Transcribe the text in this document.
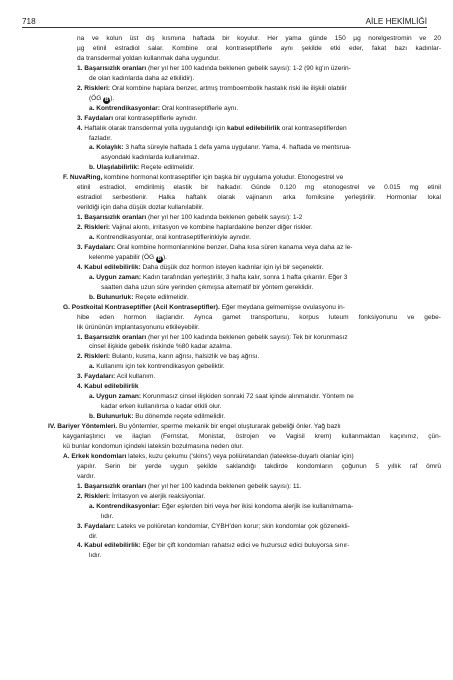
718	AİLE HEKİMLİĞİ
na ve kolun üst dış kısmına haftada bir koyulur. Her yama günde 150 µg norelgestromin ve 20
µg etinil estradiol salar. Kombine oral kontraseptiflerle aynı şekilde etki eder, fakat bazı kadınlar-
da transdermal yoldan kullanmak daha uygundur.
1. Başarısızlık oranları (her yıl her 100 kadında beklenen gebelik sayısı): 1-2 (90 kg'ın üzerin-
de olan kadınlarda daha az etkilidir).
2. Riskleri: Oral kombine haplara benzer, artmış tromboembolik hastalık riski ile ilişkili olabilir
(ÖG B ).
a. Kontrendikasyonlar: Oral kontraseptiflerle aynı.
3. Faydaları oral kontraseptiflerle aynıdır.
4. Haftalık olarak transdermal yolla uygulandığı için kabul edilebilirlik oral kontraseptiflerden
fazladır.
a. Kolaylık: 3 hafta süreyle haftada 1 defa yama uygulanır. Yama, 4. haftada ve mentsrua-
asyondaki kadınlarda kullanılmaz.
b. Ulaşılabilirlik: Reçete edilmelidir.
F. NuvaRing, kombine hormonal kontraseptifler için başka bir uygulama yoludur. Etonogestrel ve
etinil estradiol, emdirilmiş elastik bir halkadır. Günde 0.120 mg etonogestrel ve 0.015 mg etinil
estradiol serbestlenir. Halka haftalık olarak vajinanın arka forniksine yerleştirilir. Hormonlar lokal
verildiği için daha düşük dozlar kullanılabilir.
1. Başarısızlık oranları (her yıl her 100 kadında beklenen gebelik sayısı): 1-2
2. Riskleri: Vajinal akıntı, irritasyon ve kombine haplardakine benzer diğer riskler.
a. Kontrendikasyonlar, oral kontraseptiflerinkiyle aynıdır.
3. Faydaları: Oral kombine hormonlarınkine benzer. Daha kısa süren kanama veya daha az le-
kelenme yapabilir (ÖG B ).
4. Kabul edilebilirlik: Daha düşük doz hormon isteyen kadınlar için iyi bir seçenektir.
a. Uygun zaman: Kadın tarafından yerleştirilir, 3 hafta kalır, sonra 1 hafta çıkarılır. Eğer 3
saatten daha uzun süre yerinden çıkmışsa alternatif bir yöntem gereklidir.
b. Bulunurluk: Reçete edilmelidir.
G. Postkoital Kontraseptifler (Acil Kontraseptifler). Eğer meydana gelmemişse ovulasyonu in-
hibe eden hormon ilaçlarıdır. Ayrıca gamet transportunu, korpus luteum fonksiyonunu ve gebe-
lik ürününün implantasyonunu etkileyebilir.
1. Başarısızlık oranları (her yıl her 100 kadında beklenen gebelik sayısı): Tek bir korunmasız
cinsel ilişkide gebelik riskinde %80 kadar azalma.
2. Riskleri: Bulantı, kusma, karın ağrısı, halsizlik ve baş ağrısı.
a. Kullanımı için tek kontrendikasyon gebeliktir.
3. Faydaları: Acil kullanım.
4. Kabul edilebilirlik
a. Uygun zaman: Korunmasız cinsel ilişkiden sonraki 72 saat içinde alınmalıdır. Yöntem ne
kadar erken kullanılırsa o kadar etkili olur.
b. Bulunurluk: Bu dönemde reçete edilmelidir.
IV. Bariyer Yöntemleri. Bu yöntemler, sperme mekanik bir engel oluşturarak gebeliği önler. Yağ bazlı
kayganlaştırıcı ve ilaçlan (Fernstat, Monistat, östrojen ve Vagisil krem) kullanmaktan kaçınınız, çün-
kü bunlar kondomun içindeki lateksin bozulmasına neden olur.
A. Erkek kondomları lateks, kuzu çekumu ('skins') veya poliüretandan (lateekse-duyarlı olanlar için)
yapılır. Serin bir yerde uygun şekilde saklandığı takdirde kondomların çoğunun 5 yıllık raf ömrü
vardır.
1. Başarısızlık oranları (her yıl her 100 kadında beklenen gebelik sayısı): 11.
2. Riskleri: İrritasyon ve alerjik reaksiyonlar.
a. Kontrendikasyonlar: Eğer eşlerden biri veya her ikisi kondoma alerjik ise kullanılmama-
lıdır.
3. Faydaları: Lateks ve poliüretan kondomlar, CYBH'den korur; skin kondomlar çok gözenekli-
dir.
4. Kabul edilebilirlik: Eğer bir çift kondomları rahatsız edici ve huzursuz edici buluyorsa sınır-
lıdır.
